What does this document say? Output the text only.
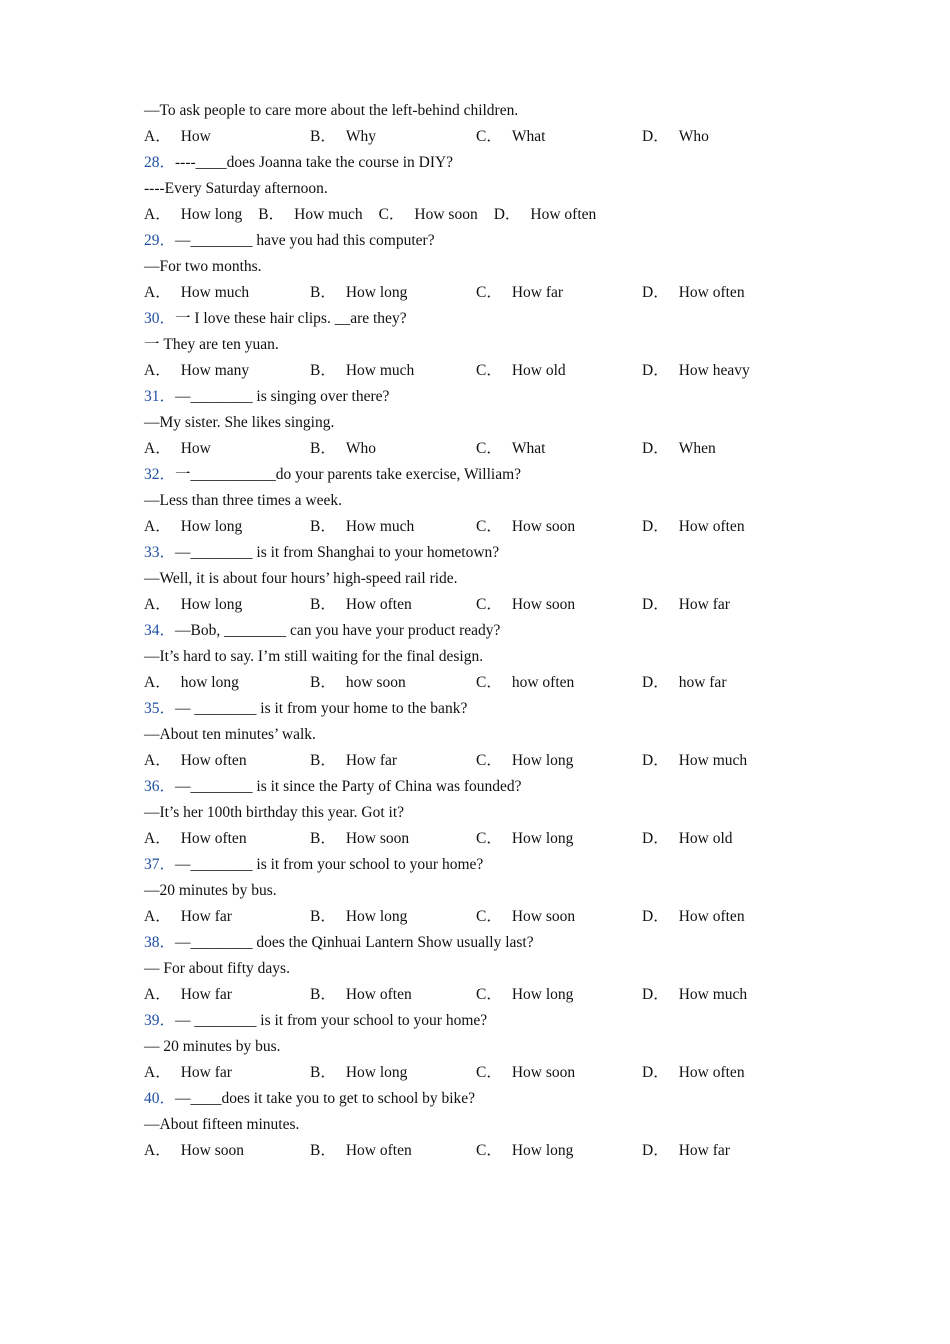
—To ask people to care more about the left-behind children.
A． How	B． Why	C． What	D． Who
28．----____does Joanna take the course in DIY?
----Every Saturday afternoon.
A． How long B． How much C． How soon D． How often
29．—________ have you had this computer?
—For two months.
A． How much	B． How long	C． How far	D． How often
30．一 I love these hair clips. __are they?
一 They are ten yuan.
A． How many	B． How much	C． How old	D． How heavy
31．—________ is singing over there?
—My sister. She likes singing.
A． How	B． Who	C． What	D． When
32．一___________do your parents take exercise, William?
—Less than three times a week.
A． How long	B． How much	C． How soon	D． How often
33．—________ is it from Shanghai to your hometown?
—Well, it is about four hours’ high-speed rail ride.
A． How long	B． How often	C． How soon	D． How far
34．—Bob, ________ can you have your product ready?
—It’s hard to say. I’m still waiting for the final design.
A． how long	B． how soon	C． how often	D． how far
35．— ________ is it from your home to the bank?
—About ten minutes’ walk.
A． How often	B． How far	C． How long	D． How much
36．—________ is it since the Party of China was founded?
—It’s her 100th birthday this year. Got it?
A． How often	B． How soon	C． How long	D． How old
37．—________ is it from your school to your home?
—20 minutes by bus.
A． How far	B． How long	C． How soon	D． How often
38．—________ does the Qinhuai Lantern Show usually last?
— For about fifty days.
A． How far	B． How often	C． How long	D． How much
39．— ________ is it from your school to your home?
— 20 minutes by bus.
A． How far	B． How long	C． How soon	D． How often
40．—____does it take you to get to school by bike?
—About fifteen minutes.
A． How soon	B． How often	C． How long	D． How far
